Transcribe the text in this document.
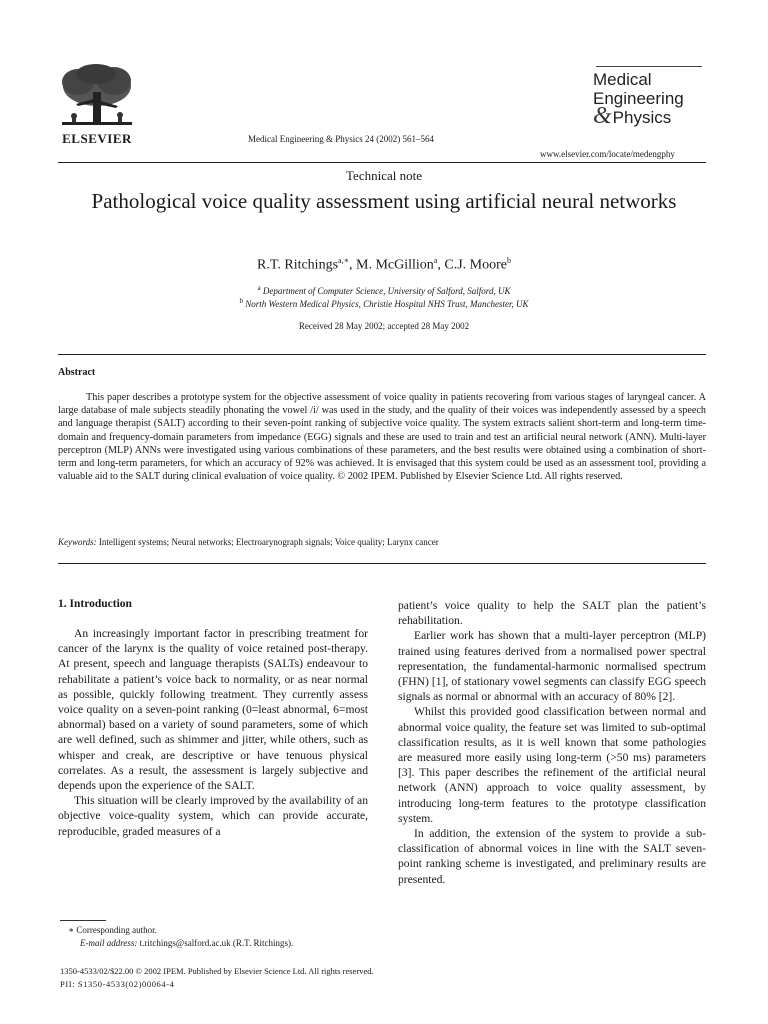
ELSEVIER	Medical Engineering & Physics 24 (2002) 561–564
Medical
Engineering
&Physics
www.elsevier.com/locate/medengphy
Technical note
Pathological voice quality assessment using artificial neural networks
R.T. Ritchings$^{a,∗}$, M. McGillion$^a$, C.J. Moore$^b$
$^a$ Department of Computer Science, University of Salford, Salford, UK
$^b$ North Western Medical Physics, Christie Hospital NHS Trust, Manchester, UK
Received 28 May 2002; accepted 28 May 2002
Abstract

This paper describes a prototype system for the objective assessment of voice quality in patients recovering from various stages of laryngeal cancer. A large database of male subjects steadily phonating the vowel /i/ was used in the study, and the quality of their voices was independently assessed by a speech and language therapist (SALT) according to their seven-point ranking of subjective voice quality. The system extracts salient short-term and long-term time-domain and frequency-domain parameters from impedance (EGG) signals and these are used to train and test an artificial neural network (ANN). Multi-layer perceptron (MLP) ANNs were investigated using various combinations of these parameters, and the best results were obtained using a combination of short-term and long-term parameters, for which an accuracy of 92% was achieved. It is envisaged that this system could be used as an assessment tool, providing a valuable aid to the SALT during clinical evaluation of voice quality. © 2002 IPEM. Published by Elsevier Science Ltd. All rights reserved.

Keywords: Intelligent systems; Neural networks; Electroarynograph signals; Voice quality; Larynx cancer
1. Introduction

An increasingly important factor in prescribing treatment for cancer of the larynx is the quality of voice retained post-therapy. At present, speech and language therapists (SALTs) endeavour to rehabilitate a patient’s voice back to normality, or as near normal as possible, quickly following treatment. They currently assess voice quality on a seven-point ranking (0=least abnormal, 6=most abnormal) based on a variety of sound parameters, some of which are well defined, such as shimmer and jitter, while others, such as whisper and creak, are descriptive or have tenuous physical correlates. As a result, the assessment is largely subjective and depends upon the experience of the SALT.

This situation will be clearly improved by the availability of an objective voice-quality system, which can provide accurate, reproducible, graded measures of a

patient’s voice quality to help the SALT plan the patient’s rehabilitation.

Earlier work has shown that a multi-layer perceptron (MLP) trained using features derived from a normalised power spectral representation, the fundamental-harmonic normalised spectrum (FHN) [1], of stationary vowel segments can classify EGG speech signals as normal or abnormal with an accuracy of 80% [2].

Whilst this provided good classification between normal and abnormal voice quality, the feature set was limited to sub-optimal classification results, as it is well known that some pathologies are measured more easily using long-term (>50 ms) parameters [3]. This paper describes the refinement of the artificial neural network (ANN) approach to voice quality assessment, by introducing long-term features to the prototype classification system.

In addition, the extension of the system to provide a sub-classification of abnormal voices in line with the SALT seven-point ranking scheme is investigated, and preliminary results are presented.

∗ Corresponding author.
E-mail address: t.ritchings@salford.ac.uk (R.T. Ritchings).
1350-4533/02/$22.00 © 2002 IPEM. Published by Elsevier Science Ltd. All rights reserved.
PII: S1350-4533(02)00064-4
